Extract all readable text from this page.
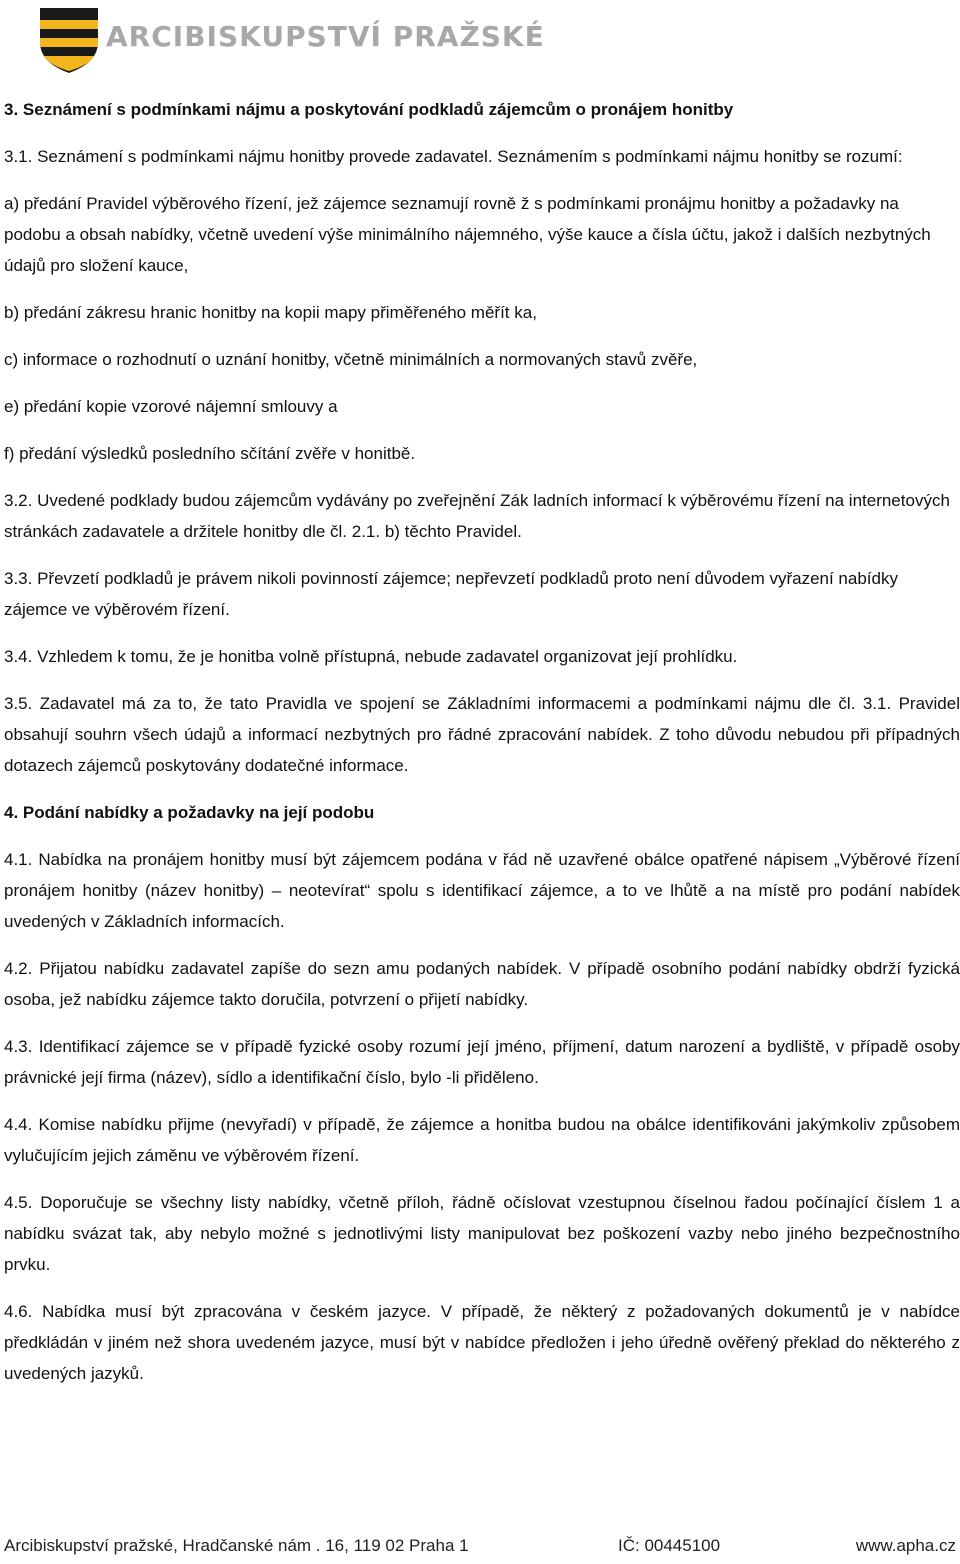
ARCIBISKUPSTVÍ PRAŽSKÉ

3. Seznámení s podmínkami nájmu a poskytování podkladů zájemcům o pronájem honitby

3.1. Seznámení s podmínkami nájmu honitby provede zadavatel. Seznámením s podmínkami nájmu honitby se rozumí:

a) předání Pravidel výběrového řízení, jež zájemce seznamují rovně ž s podmínkami pronájmu honitby a požadavky na podobu a obsah nabídky, včetně uvedení výše minimálního nájemného, výše kauce a čísla účtu, jakož i dalších nezbytných údajů pro složení kauce,

b) předání zákresu hranic honitby na kopii mapy přiměřeného měřít ka,

c) informace o rozhodnutí o uznání honitby, včetně minimálních a normovaných stavů zvěře,

e) předání kopie vzorové nájemní smlouvy a

f) předání výsledků posledního sčítání zvěře v honitbě.

3.2. Uvedené podklady budou zájemcům vydávány po zveřejnění Zák ladních informací k výběrovému řízení na internetových stránkách zadavatele a držitele honitby dle čl. 2.1. b) těchto Pravidel.

3.3. Převzetí podkladů je právem nikoli povinností zájemce; nepřevzetí podkladů proto není důvodem vyřazení nabídky zájemce ve výběrovém řízení.

3.4. Vzhledem k tomu, že je honitba volně přístupná, nebude zadavatel organizovat její prohlídku.

3.5. Zadavatel má za to, že tato Pravidla ve spojení se Základními informacemi a podmínkami nájmu dle čl. 3.1. Pravidel obsahují souhrn všech údajů a informací nezbytných pro řádné zpracování nabídek. Z toho důvodu nebudou při případných dotazech zájemců poskytovány dodatečné informace.

4. Podání nabídky a požadavky na její podobu

4.1. Nabídka na pronájem honitby musí být zájemcem podána v řád ně uzavřené obálce opatřené nápisem „Výběrové řízení pronájem honitby (název honitby) – neotevírat“ spolu s identifikací zájemce, a to ve lhůtě a na místě pro podání nabídek uvedených v Základních informacích.

4.2. Přijatou nabídku zadavatel zapíše do sezn amu podaných nabídek. V případě osobního podání nabídky obdrží fyzická osoba, jež nabídku zájemce takto doručila, potvrzení o přijetí nabídky.

4.3. Identifikací zájemce se v případě fyzické osoby rozumí její jméno, příjmení, datum narození a bydliště, v případě osoby právnické její firma (název), sídlo a identifikační číslo, bylo -li přiděleno.

4.4. Komise nabídku přijme (nevyřadí) v případě, že zájemce a honitba budou na obálce identifikováni jakýmkoliv způsobem vylučujícím jejich záměnu ve výběrovém řízení.

4.5. Doporučuje se všechny listy nabídky, včetně příloh, řádně očíslovat vzestupnou číselnou řadou počínající číslem 1 a nabídku svázat tak, aby nebylo možné s jednotlivými listy manipulovat bez poškození vazby nebo jiného bezpečnostního prvku.

4.6. Nabídka musí být zpracována v českém jazyce. V případě, že některý z požadovaných dokumentů je v nabídce předkládán v jiném než shora uvedeném jazyce, musí být v nabídce předložen i jeho úředně ověřený překlad do některého z uvedených jazyků.

Arcibiskupství pražské, Hradčanské nám . 16, 119 02 Praha 1	IČ: 00445100	www.apha.cz
